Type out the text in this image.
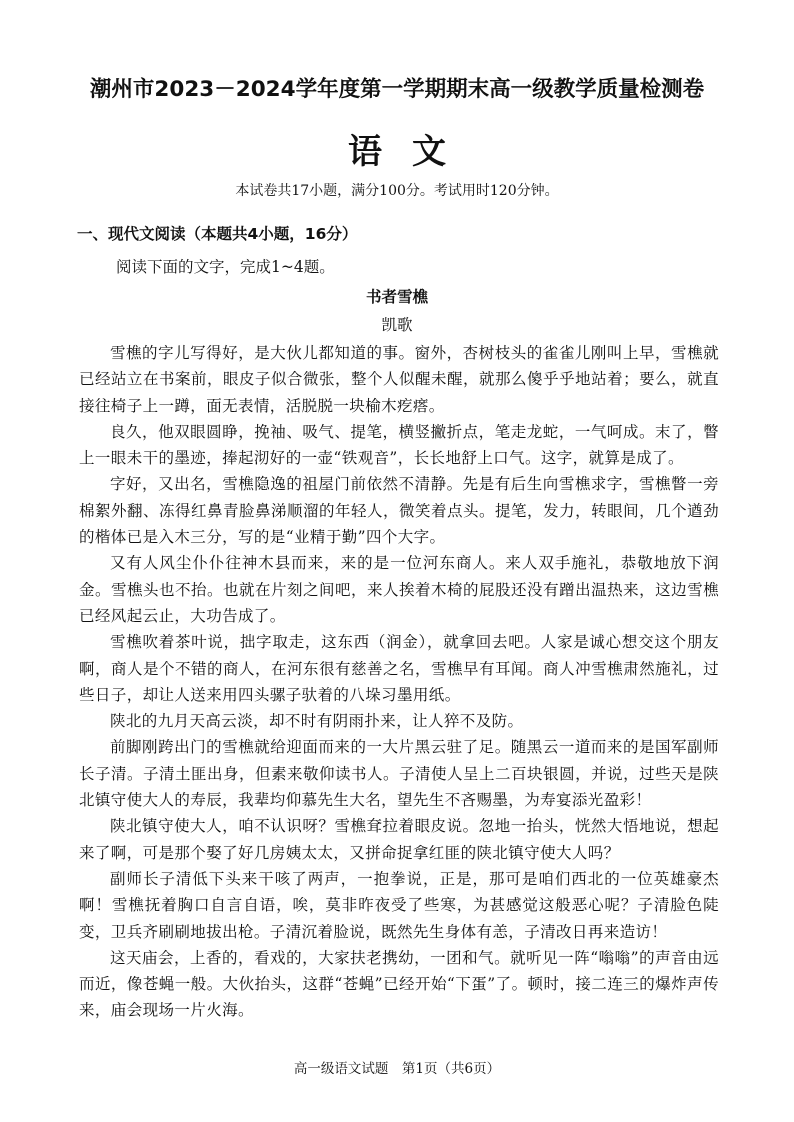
潮州市2023－2024学年度第一学期期末高一级教学质量检测卷
语文
本试卷共17小题，满分100分。考试用时120分钟。
一、现代文阅读（本题共4小题，16分）
阅读下面的文字，完成1~4题。
书者雪樵
凯歌

雪樵的字儿写得好，是大伙儿都知道的事。窗外，杏树枝头的雀雀儿刚叫上早，雪樵就已经站立在书案前，眼皮子似合微张，整个人似醒未醒，就那么傻乎乎地站着；要么，就直接往椅子上一蹲，面无表情，活脱脱一块榆木疙瘩。

良久，他双眼圆睁，挽袖、吸气、提笔，横竖撇折点，笔走龙蛇，一气呵成。末了，瞥上一眼未干的墨迹，捧起沏好的一壶“铁观音”，长长地舒上口气。这字，就算是成了。

字好，又出名，雪樵隐逸的祖屋门前依然不清静。先是有后生向雪樵求字，雪樵瞥一旁棉絮外翻、冻得红鼻青脸鼻涕顺溜的年轻人，微笑着点头。提笔，发力，转眼间，几个遒劲的楷体已是入木三分，写的是“业精于勤”四个大字。

又有人风尘仆仆往神木县而来，来的是一位河东商人。来人双手施礼，恭敬地放下润金。雪樵头也不抬。也就在片刻之间吧，来人挨着木椅的屁股还没有蹭出温热来，这边雪樵已经风起云止，大功告成了。

雪樵吹着茶叶说，拙字取走，这东西（润金），就拿回去吧。人家是诚心想交这个朋友啊，商人是个不错的商人，在河东很有慈善之名，雪樵早有耳闻。商人冲雪樵肃然施礼，过些日子，却让人送来用四头骡子驮着的八垛习墨用纸。

陕北的九月天高云淡，却不时有阴雨扑来，让人猝不及防。

前脚刚跨出门的雪樵就给迎面而来的一大片黑云驻了足。随黑云一道而来的是国军副师长子清。子清土匪出身，但素来敬仰读书人。子清使人呈上二百块银圆，并说，过些天是陕北镇守使大人的寿辰，我辈均仰慕先生大名，望先生不吝赐墨，为寿宴添光盈彩！

陕北镇守使大人，咱不认识呀？雪樵耷拉着眼皮说。忽地一抬头，恍然大悟地说，想起来了啊，可是那个娶了好几房姨太太，又拼命捉拿红匪的陕北镇守使大人吗？

副师长子清低下头来干咳了两声，一抱拳说，正是，那可是咱们西北的一位英雄豪杰啊！雪樵抚着胸口自言自语，唉，莫非昨夜受了些寒，为甚感觉这般恶心呢？子清脸色陡变，卫兵齐刷刷地拔出枪。子清沉着脸说，既然先生身体有恙，子清改日再来造访！

这天庙会，上香的，看戏的，大家扶老携幼，一团和气。就听见一阵“嗡嗡”的声音由远而近，像苍蝇一般。大伙抬头，这群“苍蝇”已经开始“下蛋”了。顿时，接二连三的爆炸声传来，庙会现场一片火海。

高一级语文试题　第1页（共6页）
